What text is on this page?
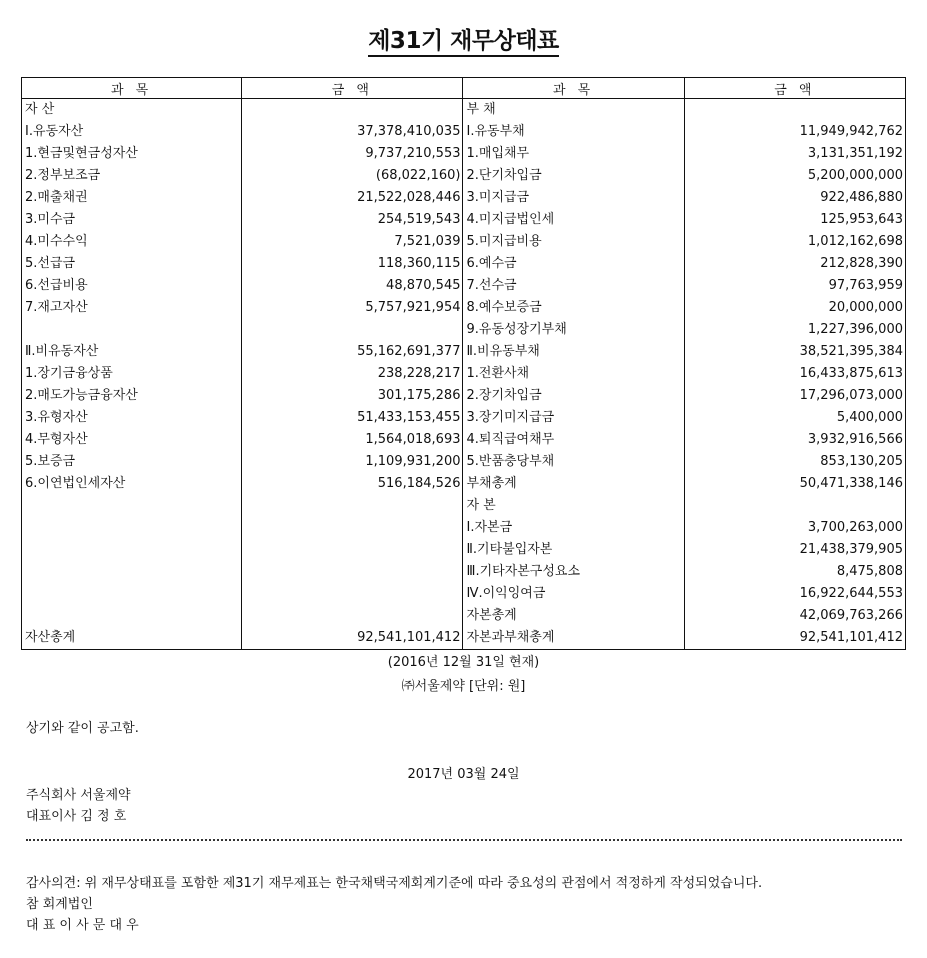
제31기 재무상태표
과 목	금 액	과 목	금 액
자 산		부 채	
Ⅰ.유동자산	37,378,410,035	Ⅰ.유동부채	11,949,942,762
1.현금및현금성자산	9,737,210,553	1.매입채무	3,131,351,192
2.정부보조금	(68,022,160)	2.단기차입금	5,200,000,000
2.매출채권	21,522,028,446	3.미지급금	922,486,880
3.미수금	254,519,543	4.미지급법인세	125,953,643
4.미수수익	7,521,039	5.미지급비용	1,012,162,698
5.선급금	118,360,115	6.예수금	212,828,390
6.선급비용	48,870,545	7.선수금	97,763,959
7.재고자산	5,757,921,954	8.예수보증금	20,000,000
		9.유동성장기부채	1,227,396,000
Ⅱ.비유동자산	55,162,691,377	Ⅱ.비유동부채	38,521,395,384
1.장기금융상품	238,228,217	1.전환사채	16,433,875,613
2.매도가능금융자산	301,175,286	2.장기차입금	17,296,073,000
3.유형자산	51,433,153,455	3.장기미지급금	5,400,000
4.무형자산	1,564,018,693	4.퇴직급여채무	3,932,916,566
5.보증금	1,109,931,200	5.반품충당부채	853,130,205
6.이연법인세자산	516,184,526	부채총계	50,471,338,146
		자 본	
		Ⅰ.자본금	3,700,263,000
		Ⅱ.기타불입자본	21,438,379,905
		Ⅲ.기타자본구성요소	8,475,808
		Ⅳ.이익잉여금	16,922,644,553
		자본총계	42,069,763,266
자산총계	92,541,101,412	자본과부채총계	92,541,101,412
(2016년 12월 31일 현재)
㈜서울제약 [단위: 원]
상기와 같이 공고함.
2017년 03월 24일
주식회사 서울제약
대표이사 김 정 호
감사의견: 위 재무상태표를 포함한 제31기 재무제표는 한국채택국제회계기준에 따라 중요성의 관점에서 적정하게 작성되었습니다.
참 회계법인
대 표 이 사 문 대 우
